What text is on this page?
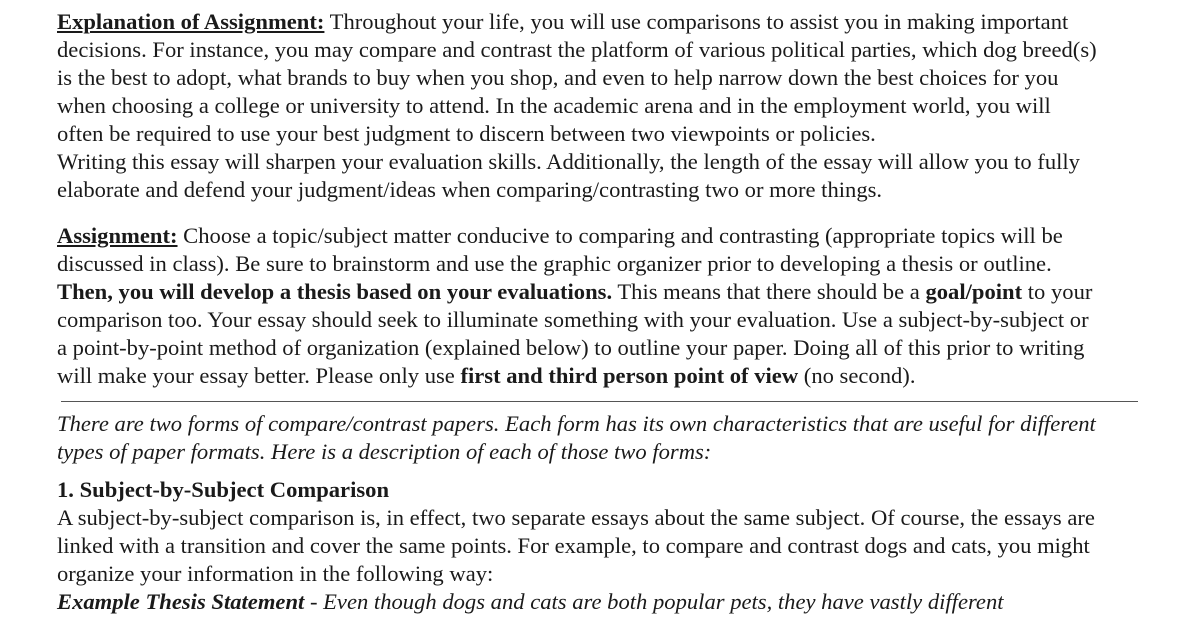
Explanation of Assignment: Throughout your life, you will use comparisons to assist you in making important
decisions. For instance, you may compare and contrast the platform of various political parties, which dog breed(s)
is the best to adopt, what brands to buy when you shop, and even to help narrow down the best choices for you
when choosing a college or university to attend. In the academic arena and in the employment world, you will
often be required to use your best judgment to discern between two viewpoints or policies.
Writing this essay will sharpen your evaluation skills. Additionally, the length of the essay will allow you to fully
elaborate and defend your judgment/ideas when comparing/contrasting two or more things.
Assignment: Choose a topic/subject matter conducive to comparing and contrasting (appropriate topics will be
discussed in class). Be sure to brainstorm and use the graphic organizer prior to developing a thesis or outline.
Then, you will develop a thesis based on your evaluations. This means that there should be a goal/point to your
comparison too. Your essay should seek to illuminate something with your evaluation. Use a subject-by-subject or
a point-by-point method of organization (explained below) to outline your paper. Doing all of this prior to writing
will make your essay better. Please only use first and third person point of view (no second).
There are two forms of compare/contrast papers. Each form has its own characteristics that are useful for different
types of paper formats. Here is a description of each of those two forms:
1. Subject-by-Subject Comparison
A subject-by-subject comparison is, in effect, two separate essays about the same subject. Of course, the essays are
linked with a transition and cover the same points. For example, to compare and contrast dogs and cats, you might
organize your information in the following way:
Example Thesis Statement - Even though dogs and cats are both popular pets, they have vastly different
